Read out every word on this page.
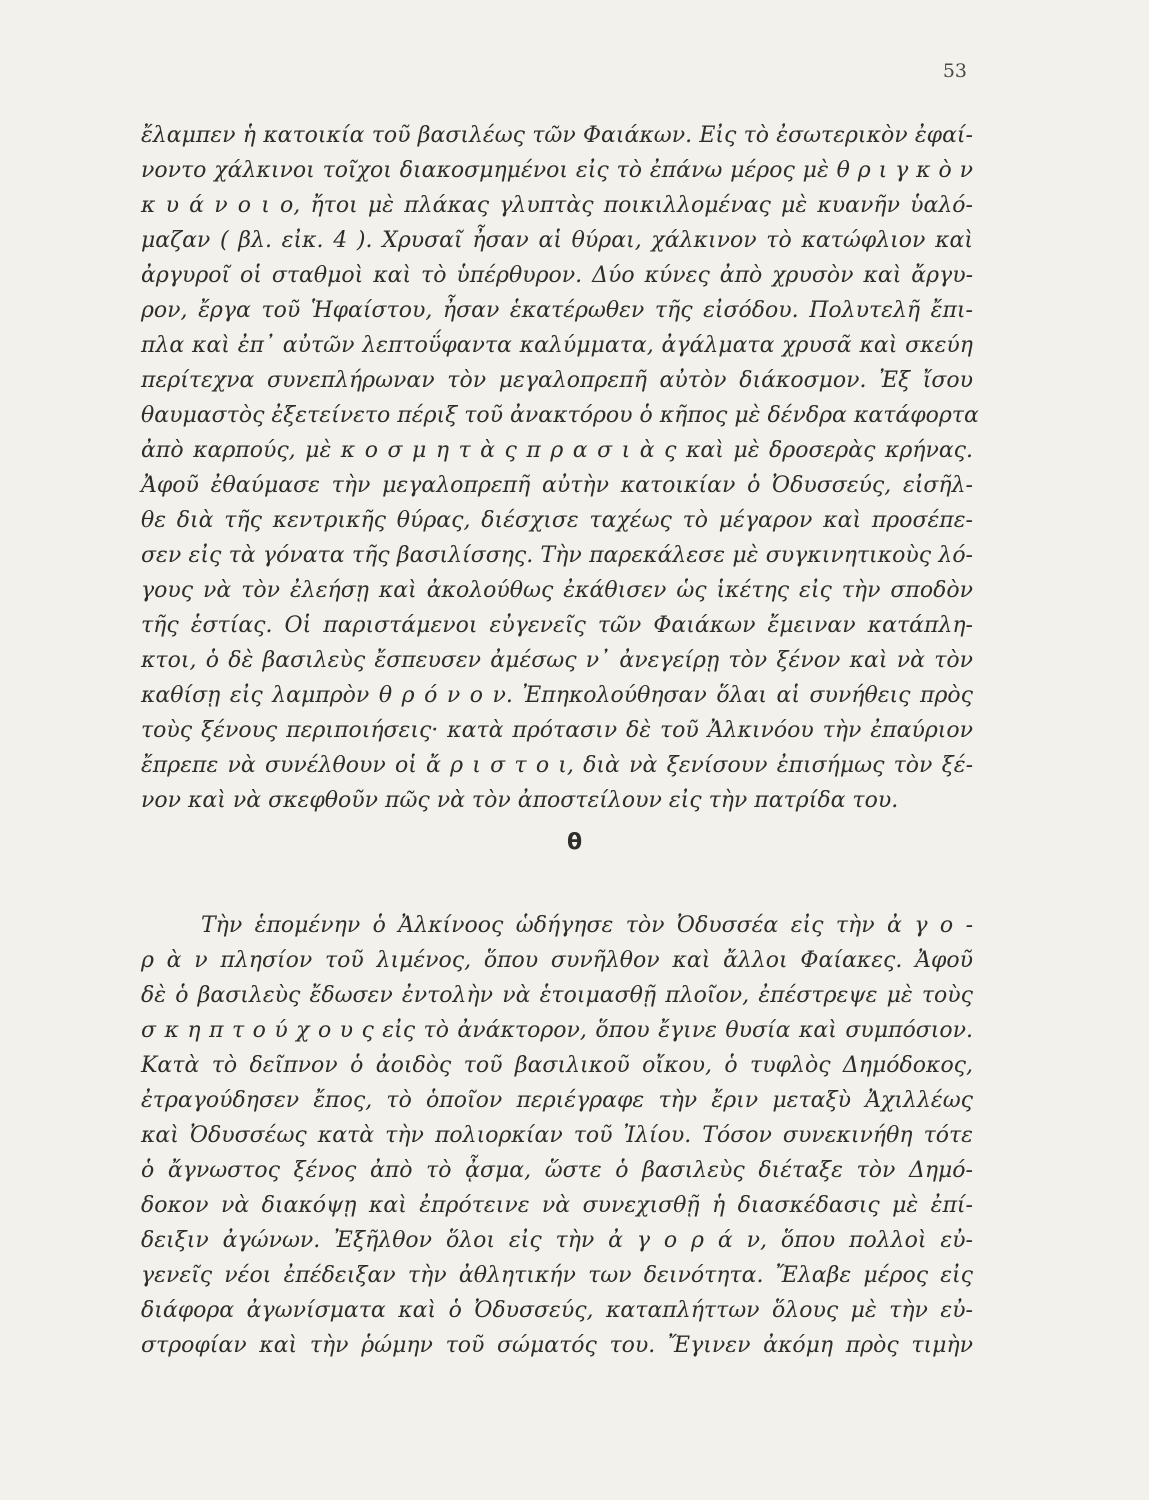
53
ἔλαμπεν ἡ κατοικία τοῦ βασιλέως τῶν Φαιάκων. Εἰς τὸ ἐσωτερικὸν ἐφαί-
νοντο χάλκινοι τοῖχοι διακοσμημένοι εἰς τὸ ἐπάνω μέρος μὲ θ ρ ι γ κ ὸ ν
κ υ ά ν ο ι ο, ἤτοι μὲ πλάκας γλυπτὰς ποικιλλομένας μὲ κυανῆν ὑαλό-
μαζαν ( βλ. εἰκ. 4 ). Χρυσαῖ ἦσαν αἱ θύραι, χάλκινον τὸ κατώφλιον καὶ
ἀργυροῖ οἱ σταθμοὶ καὶ τὸ ὑπέρθυρον. Δύο κύνες ἀπὸ χρυσὸν καὶ ἄργυ-
ρον, ἔργα τοῦ Ἡφαίστου, ἦσαν ἑκατέρωθεν τῆς εἰσόδου. Πολυτελῆ ἔπι-
πλα καὶ ἐπ᾽ αὐτῶν λεπτοΰφαντα καλύμματα, ἀγάλματα χρυσᾶ καὶ σκεύη
περίτεχνα συνεπλήρωναν τὸν μεγαλοπρεπῆ αὐτὸν διάκοσμον. Ἐξ ἴσου
θαυμαστὸς ἐξετείνετο πέριξ τοῦ ἀνακτόρου ὁ κῆπος μὲ δένδρα κατάφορτα
ἀπὸ καρπούς, μὲ κ ο σ μ η τ ὰ ς π ρ α σ ι ὰ ς καὶ μὲ δροσερὰς κρήνας.
Ἀφοῦ ἐθαύμασε τὴν μεγαλοπρεπῆ αὐτὴν κατοικίαν ὁ Ὀδυσσεύς, εἰσῆλ-
θε διὰ τῆς κεντρικῆς θύρας, διέσχισε ταχέως τὸ μέγαρον καὶ προσέπε-
σεν εἰς τὰ γόνατα τῆς βασιλίσσης. Τὴν παρεκάλεσε μὲ συγκινητικοὺς λό-
γους νὰ τὸν ἐλεήσῃ καὶ ἀκολούθως ἐκάθισεν ὡς ἱκέτης εἰς τὴν σποδὸν
τῆς ἑστίας. Οἱ παριστάμενοι εὐγενεῖς τῶν Φαιάκων ἔμειναν κατάπλη-
κτοι, ὁ δὲ βασιλεὺς ἔσπευσεν ἀμέσως ν᾽ ἀνεγείρῃ τὸν ξένον καὶ νὰ τὸν
καθίσῃ εἰς λαμπρὸν θ ρ ό ν ο ν. Ἐπηκολούθησαν ὅλαι αἱ συνήθεις πρὸς
τοὺς ξένους περιποιήσεις· κατὰ πρότασιν δὲ τοῦ Ἀλκινόου τὴν ἐπαύριον
ἔπρεπε νὰ συνέλθουν οἱ ἄ ρ ι σ τ ο ι, διὰ νὰ ξενίσουν ἐπισήμως τὸν ξέ-
νον καὶ νὰ σκεφθοῦν πῶς νὰ τὸν ἀποστείλουν εἰς τὴν πατρίδα του.
θ
Τὴν ἑπομένην ὁ Ἀλκίνοος ὡδήγησε τὸν Ὀδυσσέα εἰς τὴν ἀ γ ο -
ρ ὰ ν πλησίον τοῦ λιμένος, ὅπου συνῆλθον καὶ ἄλλοι Φαίακες. Ἀφοῦ
δὲ ὁ βασιλεὺς ἔδωσεν ἐντολὴν νὰ ἑτοιμασθῇ πλοῖον, ἐπέστρεψε μὲ τοὺς
σ κ η π τ ο ύ χ ο υ ς εἰς τὸ ἀνάκτορον, ὅπου ἔγινε θυσία καὶ συμπόσιον.
Κατὰ τὸ δεῖπνον ὁ ἀοιδὸς τοῦ βασιλικοῦ οἴκου, ὁ τυφλὸς Δημόδοκος,
ἐτραγούδησεν ἔπος, τὸ ὁποῖον περιέγραφε τὴν ἔριν μεταξὺ Ἀχιλλέως
καὶ Ὀδυσσέως κατὰ τὴν πολιορκίαν τοῦ Ἰλίου. Τόσον συνεκινήθη τότε
ὁ ἄγνωστος ξένος ἀπὸ τὸ ᾆσμα, ὥστε ὁ βασιλεὺς διέταξε τὸν Δημό-
δοκον νὰ διακόψῃ καὶ ἐπρότεινε νὰ συνεχισθῇ ἡ διασκέδασις μὲ ἐπί-
δειξιν ἀγώνων. Ἐξῆλθον ὅλοι εἰς τὴν ἀ γ ο ρ ά ν, ὅπου πολλοὶ εὐ-
γενεῖς νέοι ἐπέδειξαν τὴν ἀθλητικήν των δεινότητα. Ἔλαβε μέρος εἰς
διάφορα ἀγωνίσματα καὶ ὁ Ὀδυσσεύς, καταπλήττων ὅλους μὲ τὴν εὐ-
στροφίαν καὶ τὴν ῥώμην τοῦ σώματός του. Ἔγινεν ἀκόμη πρὸς τιμὴν
